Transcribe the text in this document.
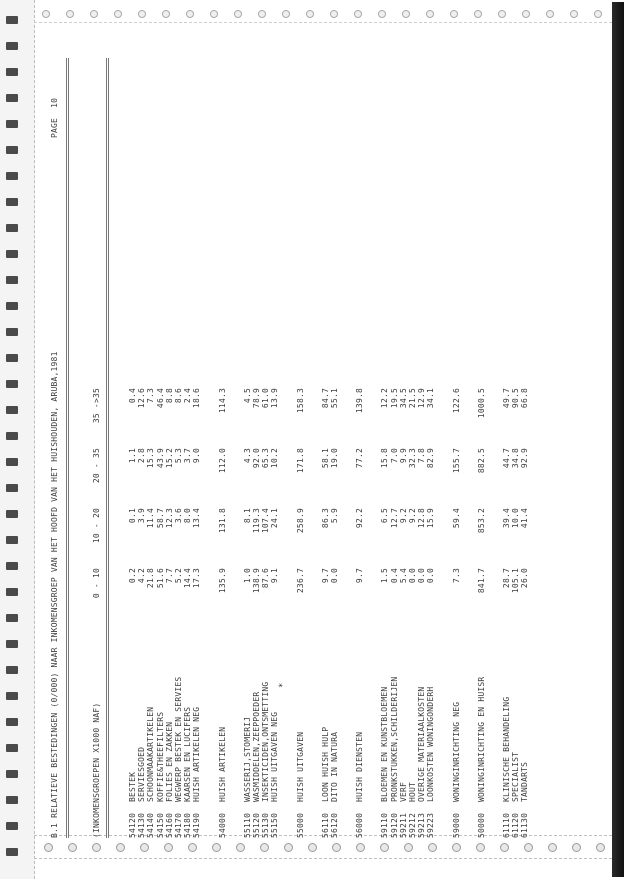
B.1 RELATIEVE BESTEDINGEN (0/000) NAAR INKOMENSGROEP VAN HET HOOFD VAN HET HUISHOUDEN, ARUBA,1981
PAGE  10
(INKOMENSGROEPEN X1000 NAF)
0 - 10
10 - 20
20 - 35
35 ->35
54120
BESTEK
0.2
0.1
1.1
0.4
54130
SERVIESGOED
4.2
3.9
2.8
12.6
54140
SCHOONMAAKARTIKELEN
21.8
11.4
15.3
7.3
54150
KOFFIE&THEEFILTERS
51.6
58.7
43.9
46.4
54160
FOLIES EN ZAKKEN
7.7
12.3
15.2
8.8
54170
WEGWERP BESTEK EN SERVIES
5.2
3.6
5.3
8.6
54180
KAARSEN EN LUCIFERS
14.4
8.0
3.7
2.4
54190
HUISH ARTIKELEN NEG
17.3
13.4
9.0
18.6
54000
HUISH ARTIKELEN
135.9
131.8
112.0
114.3
55110
WASSERIJ,STOMERIJ
1.0
8.1
4.3
4.5
55120
WASMIDDELEN,ZEEPPOEDER
138.9
119.3
92.0
78.9
55130
INSEKTICIDEN,ONTSMETTING
87.6
107.4
65.3
61.0
55150
HUISH UITGAVEN NEG
9.1
24.1
10.2
13.9
*
55000
HUISH UITGAVEN
236.7
258.9
171.8
158.3
56110
LOON HUISH HULP
9.7
86.3
58.1
84.7
56120
DITO IN NATURA
0.0
5.9
19.0
55.1
56000
HUISH DIENSTEN
9.7
92.2
77.2
139.8
59110
BLOEMEN EN KUNSTBLOEMEN
1.5
6.5
15.8
12.2
59120
PRONKSTUKKEN,SCHILDERIJEN
0.4
12.7
7.0
19.5
59211
VERF
5.4
9.2
9.9
34.5
59212
HOUT
0.0
9.2
32.3
21.5
59213
OVERIGE MATERIAALKOSTEN
0.0
12.8
7.8
12.9
59223
LOONKOSTEN WONINGONDERH
0.0
15.9
82.9
34.1
59000
WONINGINRICHTING NEG
7.3
59.4
155.7
122.6
50000
WONINGINRICHTING EN HUISR
841.7
853.2
882.5
1000.5
61110
KLINISCHE BEHANDELING
28.7
39.4
44.7
49.7
61120
SPECIALIST
105.1
10.0
34.8
90.5
61130
TANDARTS
26.0
41.4
92.9
66.8
